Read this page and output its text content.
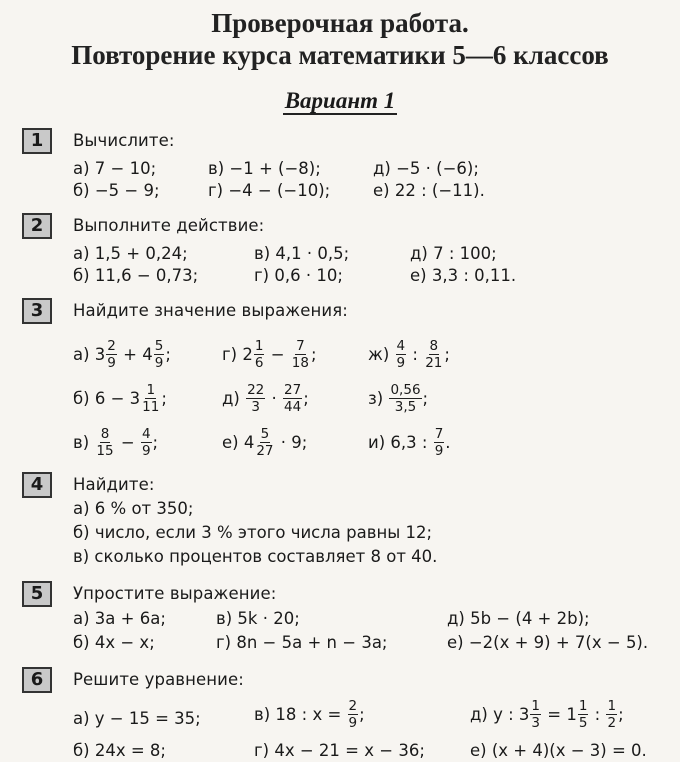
Проверочная работа.
Повторение курса математики 5—6 классов
Вариант 1
1	Вычислите:
а) 7 − 10;	в) −1 + (−8);	д) −5 · (−6);
б) −5 − 9;	г) −4 − (−10);	е) 22 : (−11).
2	Выполните действие:
а) 1,5 + 0,24;	в) 4,1 · 0,5;	д) 7 : 100;
б) 11,6 − 0,73;	г) 0,6 · 10;	е) 3,3 : 0,11.
3	Найдите значение выражения:
а) $3 \frac{2}{9} + 4 \frac{5}{9}$ ;	г) $2 \frac{1}{6} - \frac{7}{18}$ ;	$ж) \frac{4}{9}$ : $\frac{8}{21}$ ;
б) $6 - 3 \frac{1}{11}$ ;	$д) \frac{22}{3} \cdot \frac{27}{44}$ ;	$з) \frac{0,56}{3,5}$ ;
$в) \frac{8}{15} - \frac{4}{9}$ ;	е) $4 \frac{5}{27} \cdot 9$;	и) 6,3 : $\frac{7}{9}$ .
4	Найдите:
а) 6 % от 350;
б) число, если 3 % этого числа равны 12;
в) сколько процентов составляет 8 от 40.
5	Упростите выражение:
а) 3a + 6a;	в) 5k · 20;	д) 5b − (4 + 2b);
б) 4x − x;	г) 8n − 5a + n − 3a;	е) −2(x + 9) + 7(x − 5).
6	Решите уравнение:
а) y − 15 = 35;	в) 18 : $x = \frac{2}{9}$ ;	д) y : $3 \frac{1}{3} = 1 \frac{1}{5}$ : $\frac{1}{2}$ ;
б) 24x = 8;	г) 4x − 21 = x − 36;	е) (x + 4)(x − 3) = 0.
